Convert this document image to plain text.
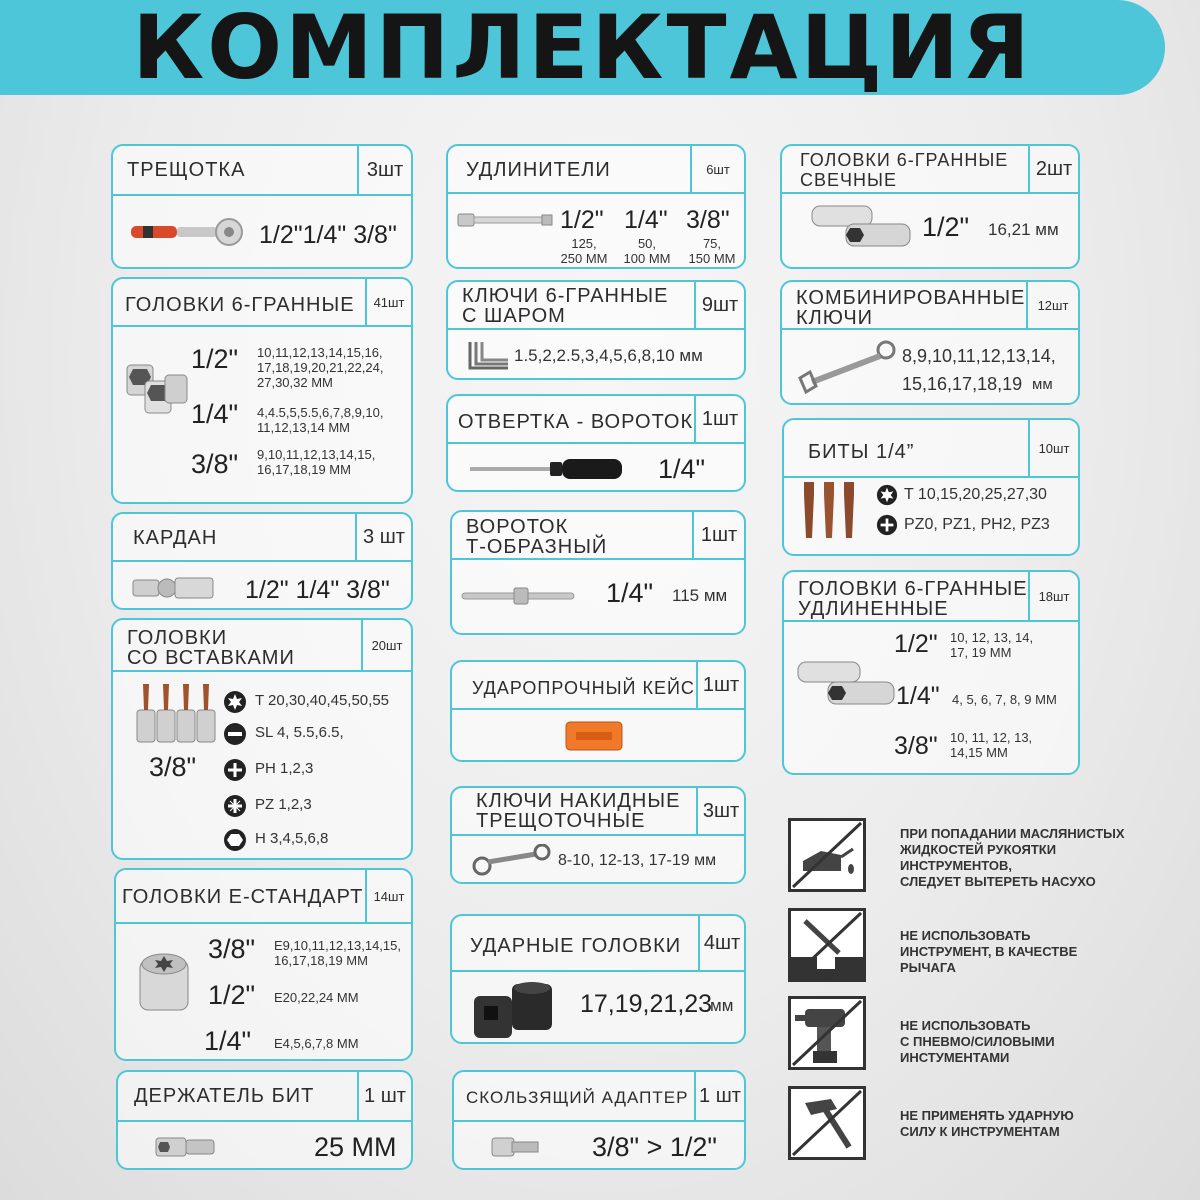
КОМПЛЕКТАЦИЯ
ТРЕЩОТКА	3шт
1/2"1/4" 3/8"
ГОЛОВКИ 6-ГРАННЫЕ	41шт
1/2" 10,11,12,13,14,15,16,
17,18,19,20,21,22,24,
27,30,32 ММ
1/4" 4,4.5,5,5.5,6,7,8,9,10,
11,12,13,14 ММ
3/8" 9,10,11,12,13,14,15,
16,17,18,19 ММ
КАРДАН	3 шт
1/2" 1/4" 3/8"
ГОЛОВКИ
СО ВСТАВКАМИ
20шт
3/8"
T 20,30,40,45,50,55
SL 4, 5.5,6.5,
PH 1,2,3
PZ 1,2,3
H 3,4,5,6,8
ГОЛОВКИ Е-СТАНДАРТ 14шт
3/8" E9,10,11,12,13,14,15,
16,17,18,19 ММ
1/2" E20,22,24 ММ
1/4" E4,5,6,7,8 ММ
ДЕРЖАТЕЛЬ БИТ	1 шт
25 ММ
УДЛИНИТЕЛИ	6шт
1/2"
125,
250 ММ
1/4"
50,
100 ММ
3/8"
75,
150 ММ
КЛЮЧИ 6-ГРАННЫЕ
С ШАРОМ
9шт
1.5,2,2.5,3,4,5,6,8,10 мм
ОТВЕРТКА - ВОРОТОК 1шт
1/4"
ВОРОТОК
Т-ОБРАЗНЫЙ
1шт
1/4" 115 мм
УДАРОПРОЧНЫЙ КЕЙС 1шт
КЛЮЧИ НАКИДНЫЕ
ТРЕЩОТОЧНЫЕ	3шт
8-10, 12-13, 17-19 мм
УДАРНЫЕ ГОЛОВКИ 4шт
17,19,21,23
мм
СКОЛЬЗЯЩИЙ АДАПТЕР 1 шт
3/8" > 1/2"
ГОЛОВКИ 6-ГРАННЫЕ
СВЕЧНЫЕ
2шт
1/2" 16,21 мм
КОМБИНИРОВАННЫЕ
КЛЮЧИ
12шт
8,9,10,11,12,13,14,
15,16,17,18,19 мм
БИТЫ 1/4”	10шт
T 10,15,20,25,27,30
PZ0, PZ1, PH2, PZ3
ГОЛОВКИ 6-ГРАННЫЕ
УДЛИНЕННЫЕ
18шт
1/2" 10, 12, 13, 14,
17, 19 ММ
1/4" 4, 5, 6, 7, 8, 9 ММ
3/8" 10, 11, 12, 13,
14,15 ММ
ПРИ ПОПАДАНИИ МАСЛЯНИСТЫХ
ЖИДКОСТЕЙ РУКОЯТКИ
ИНСТРУМЕНТОВ,
СЛЕДУЕТ ВЫТЕРЕТЬ НАСУХО
НЕ ИСПОЛЬЗОВАТЬ
ИНСТРУМЕНТ, В КАЧЕСТВЕ
РЫЧАГА
НЕ ИСПОЛЬЗОВАТЬ
С ПНЕВМО/СИЛОВЫМИ
ИНСТУМЕНТАМИ
НЕ ПРИМЕНЯТЬ УДАРНУЮ
СИЛУ К ИНСТРУМЕНТАМ
